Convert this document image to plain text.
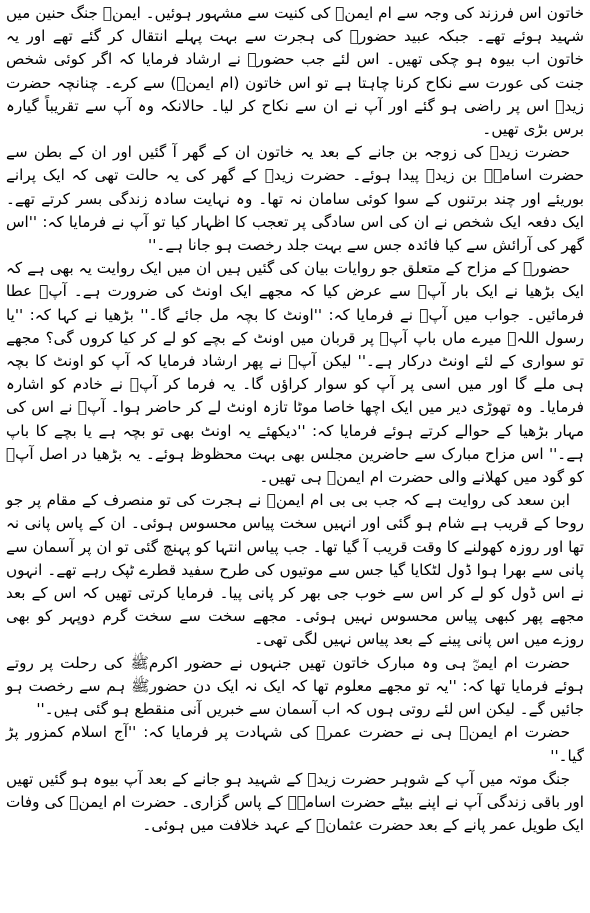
خاتون اس فرزند کی وجہ سے ام ایمنؓ کی کنیت سے مشہور ہوئیں۔ ایمنؓ جنگ حنین میں شہید ہوئے تھے۔ جبکہ عبید حضورﷺ کی ہجرت سے بہت پہلے انتقال کر گئے تھے اور یہ خاتون اب بیوہ ہو چکی تھیں۔ اس لئے جب حضورﷺ نے ارشاد فرمایا کہ اگر کوئی شخص جنت کی عورت سے نکاح کرنا چاہتا ہے تو اس خاتون (ام ایمنؓ) سے کرے۔ چنانچہ حضرت زیدؓ اس پر راضی ہو گئے اور آپ نے ان سے نکاح کر لیا۔ حالانکہ وہ آپ سے تقریباً گیارہ برس بڑی تھیں۔

حضرت زیدؓ کی زوجہ بن جانے کے بعد یہ خاتون ان کے گھر آ گئیں اور ان کے بطن سے حضرت اسامہؓ بن زیدؓ پیدا ہوئے۔ حضرت زیدؓ کے گھر کی یہ حالت تھی کہ ایک پرانے بوریئے اور چند برتنوں کے سوا کوئی سامان نہ تھا۔ وہ نہایت سادہ زندگی بسر کرتے تھے۔ ایک دفعہ ایک شخص نے ان کی اس سادگی پر تعجب کا اظہار کیا تو آپ نے فرمایا کہ: ''اس گھر کی آرائش سے کیا فائدہ جس سے بہت جلد رخصت ہو جانا ہے۔''

حضورﷺ کے مزاح کے متعلق جو روایات بیان کی گئیں ہیں ان میں ایک روایت یہ بھی ہے کہ ایک بڑھیا نے ایک بار آپﷺ سے عرض کیا کہ مجھے ایک اونٹ کی ضرورت ہے۔ آپﷺ عطا فرمائیں۔ جواب میں آپﷺ نے فرمایا کہ: ''اونٹ کا بچہ مل جائے گا۔'' بڑھیا نے کہا کہ: ''یا رسول اللہﷺ میرے ماں باپ آپﷺ پر قربان میں اونٹ کے بچے کو لے کر کیا کروں گی؟ مجھے تو سواری کے لئے اونٹ درکار ہے۔'' لیکن آپﷺ نے پھر ارشاد فرمایا کہ آپ کو اونٹ کا بچہ ہی ملے گا اور میں اسی پر آپ کو سوار کراؤں گا۔ یہ فرما کر آپﷺ نے خادم کو اشارہ فرمایا۔ وہ تھوڑی دیر میں ایک اچھا خاصا موٹا تازہ اونٹ لے کر حاضر ہوا۔ آپﷺ نے اس کی مہار بڑھیا کے حوالے کرتے ہوئے فرمایا کہ: ''دیکھئے یہ اونٹ بھی تو بچہ ہے یا بچے کا باپ ہے۔'' اس مزاح مبارک سے حاضرین مجلس بھی بہت محظوظ ہوئے۔ یہ بڑھیا در اصل آپﷺ کو گود میں کھلانے والی حضرت ام ایمنؓ ہی تھیں۔

ابن سعد کی روایت ہے کہ جب بی بی ام ایمنؓ نے ہجرت کی تو منصرف کے مقام پر جو روحا کے قریب ہے شام ہو گئی اور انہیں سخت پیاس محسوس ہوئی۔ ان کے پاس پانی نہ تھا اور روزہ کھولنے کا وقت قریب آ گیا تھا۔ جب پیاس انتہا کو پہنچ گئی تو ان پر آسمان سے پانی سے بھرا ہوا ڈول لٹکایا گیا جس سے موتیوں کی طرح سفید قطرے ٹپک رہے تھے۔ انہوں نے اس ڈول کو لے کر اس سے خوب جی بھر کر پانی پیا۔ فرمایا کرتی تھیں کہ اس کے بعد مجھے پھر کبھی پیاس محسوس نہیں ہوئی۔ مجھے سخت سے سخت گرم دوپہر کو بھی روزے میں اس پانی پینے کے بعد پیاس نہیں لگی تھی۔

حضرت ام ایمنؓ ہی وہ مبارک خاتون تھیں جنہوں نے حضور اکرمﷺ کی رحلت پر روتے ہوئے فرمایا تھا کہ: ''یہ تو مجھے معلوم تھا کہ ایک نہ ایک دن حضورﷺ ہم سے رخصت ہو جائیں گے۔ لیکن اس لئے روتی ہوں کہ اب آسمان سے خبریں آنی منقطع ہو گئی ہیں۔''

حضرت ام ایمنؓ ہی نے حضرت عمرؓ کی شہادت پر فرمایا کہ: ''آج اسلام کمزور پڑ گیا۔''

جنگ موتہ میں آپ کے شوہر حضرت زیدؓ کے شہید ہو جانے کے بعد آپ بیوہ ہو گئیں تھیں اور باقی زندگی آپ نے اپنے بیٹے حضرت اسامہؓ کے پاس گزاری۔ حضرت ام ایمنؓ کی وفات ایک طویل عمر پانے کے بعد حضرت عثمانؓ کے عہد خلافت میں ہوئی۔
